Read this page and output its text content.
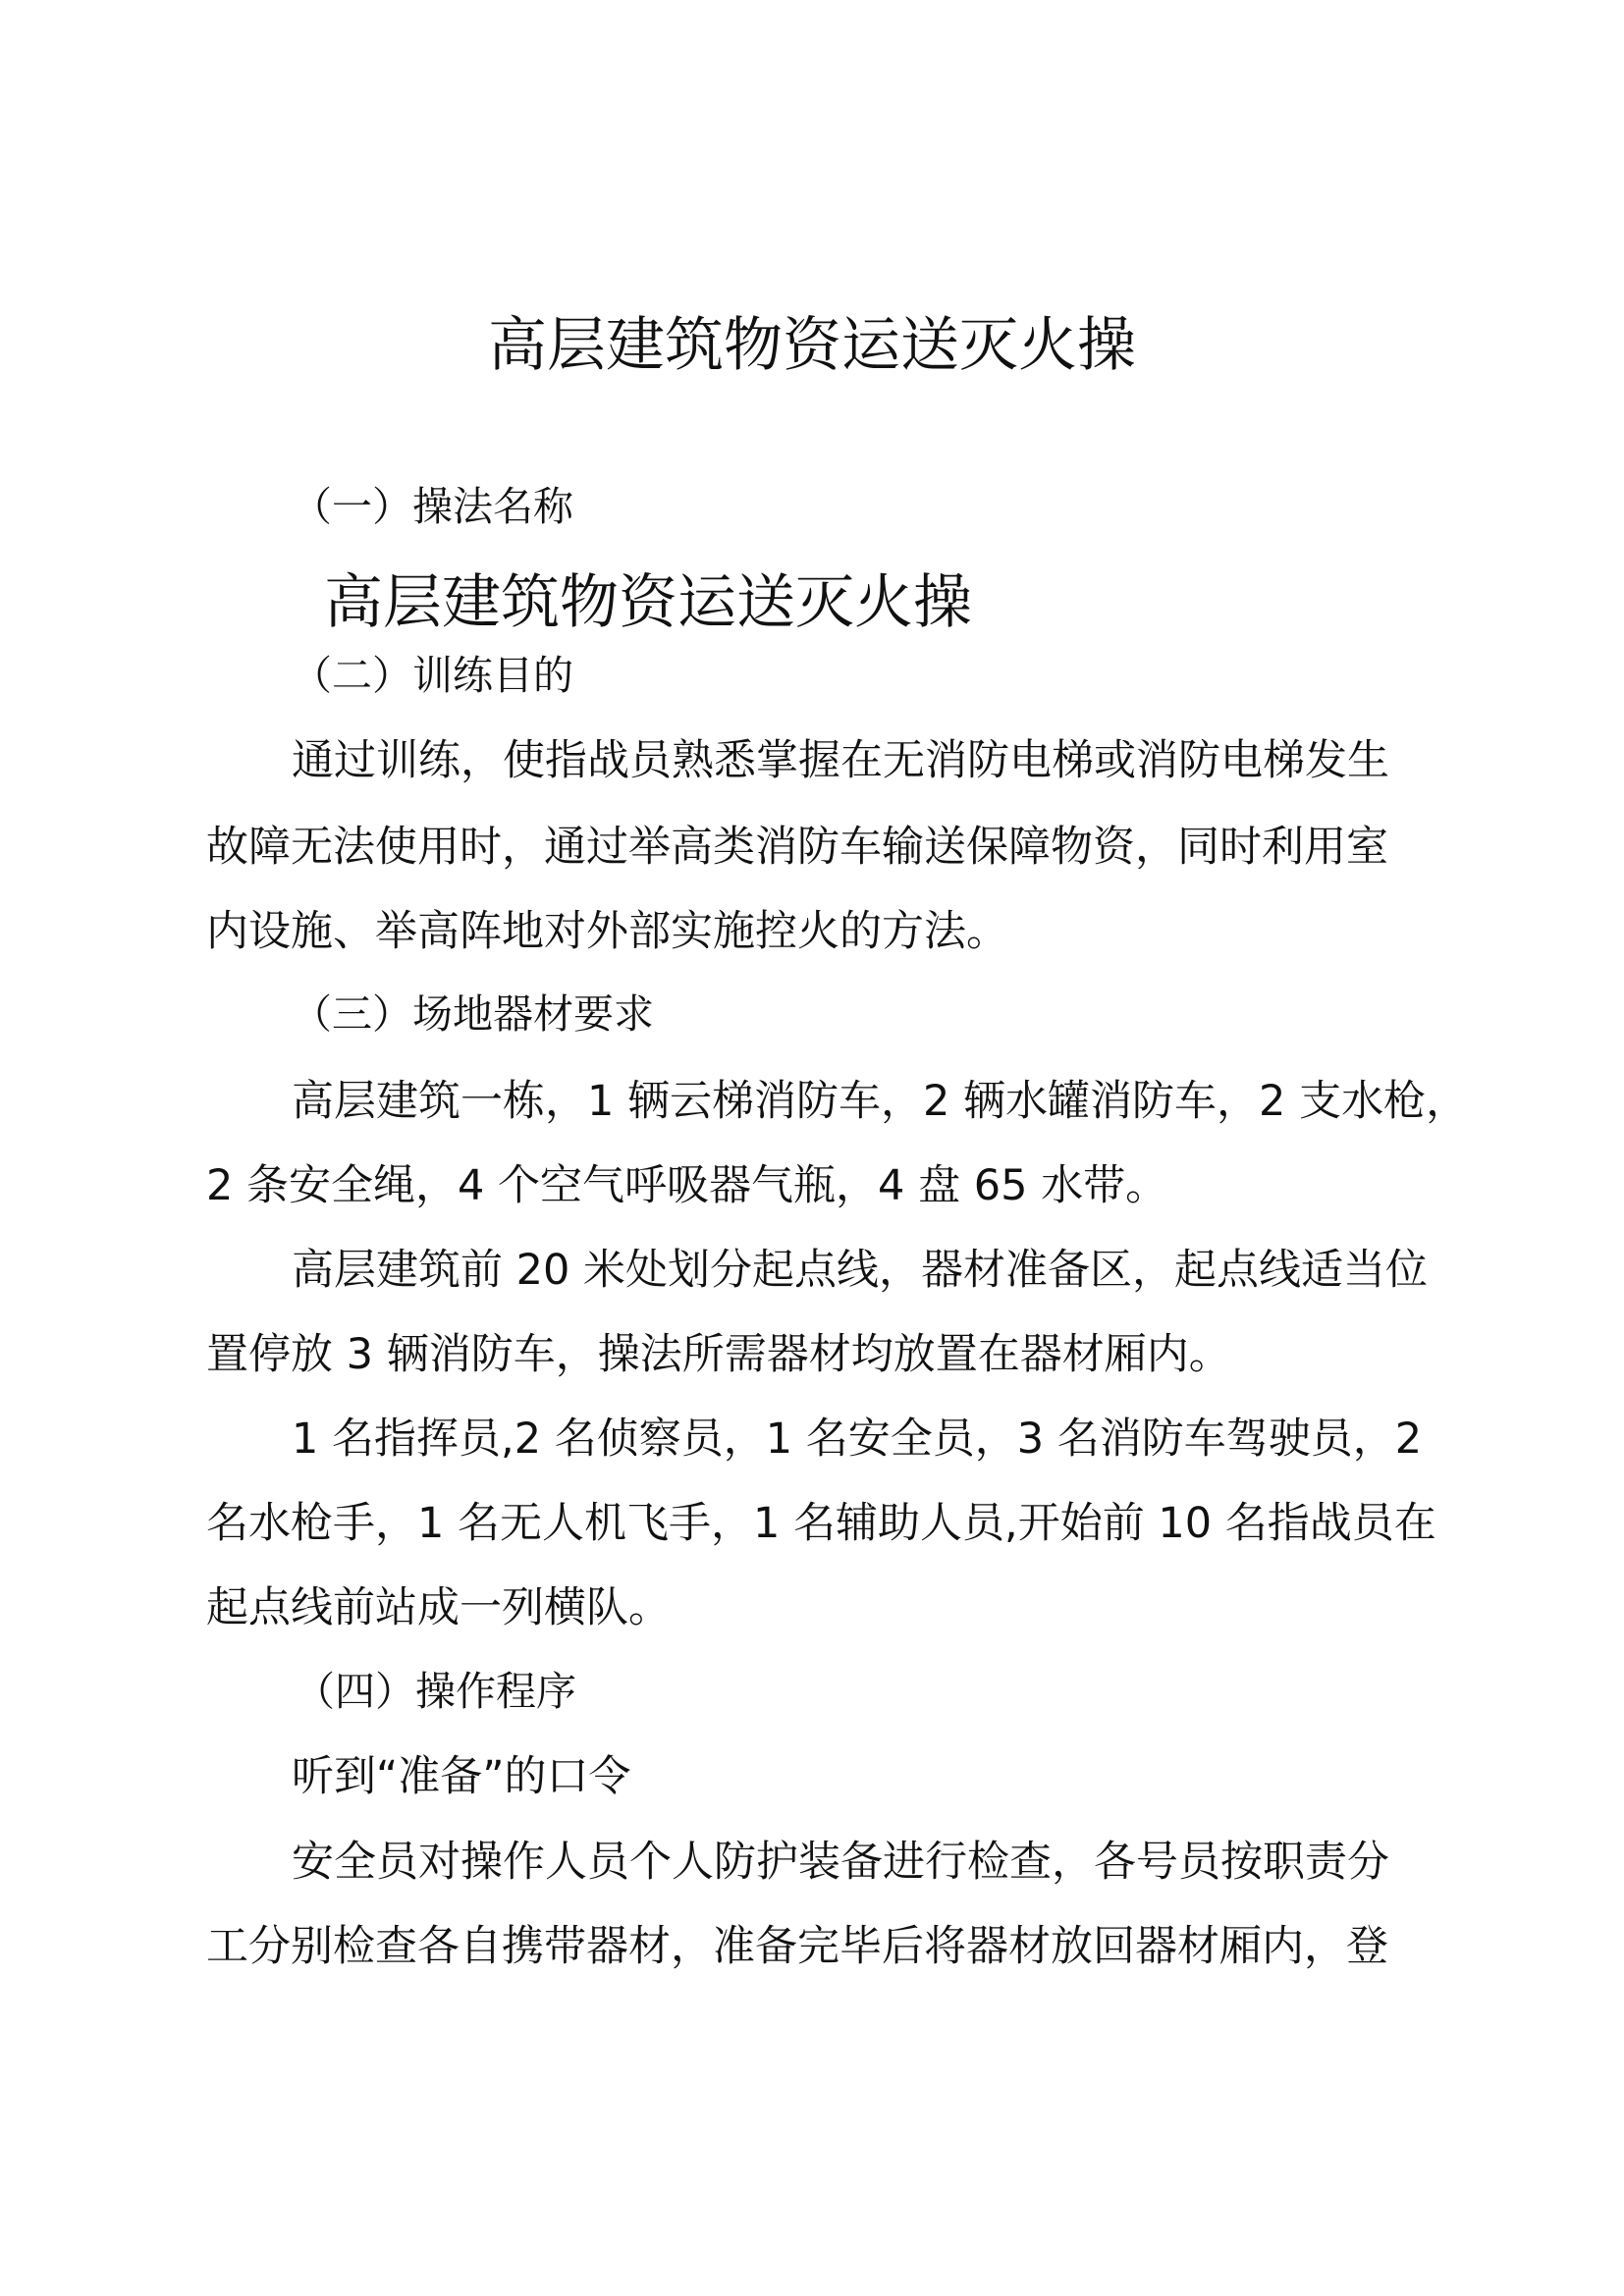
高层建筑物资运送灭火操
（一）操法名称
高层建筑物资运送灭火操
（二）训练目的
通过训练，使指战员熟悉掌握在无消防电梯或消防电梯发生
故障无法使用时，通过举高类消防车输送保障物资，同时利用室
内设施、举高阵地对外部实施控火的方法。
（三）场地器材要求
高层建筑一栋，1 辆云梯消防车，2 辆水罐消防车，2 支水枪，
2 条安全绳，4 个空气呼吸器气瓶，4 盘 65 水带。
高层建筑前 20 米处划分起点线，器材准备区，起点线适当位
置停放 3 辆消防车，操法所需器材均放置在器材厢内。
1 名指挥员,2 名侦察员，1 名安全员，3 名消防车驾驶员，2
名水枪手，1 名无人机飞手，1 名辅助人员,开始前 10 名指战员在
起点线前站成一列横队。
（四）操作程序
听到“准备”的口令
安全员对操作人员个人防护装备进行检查，各号员按职责分
工分别检查各自携带器材，准备完毕后将器材放回器材厢内，登
